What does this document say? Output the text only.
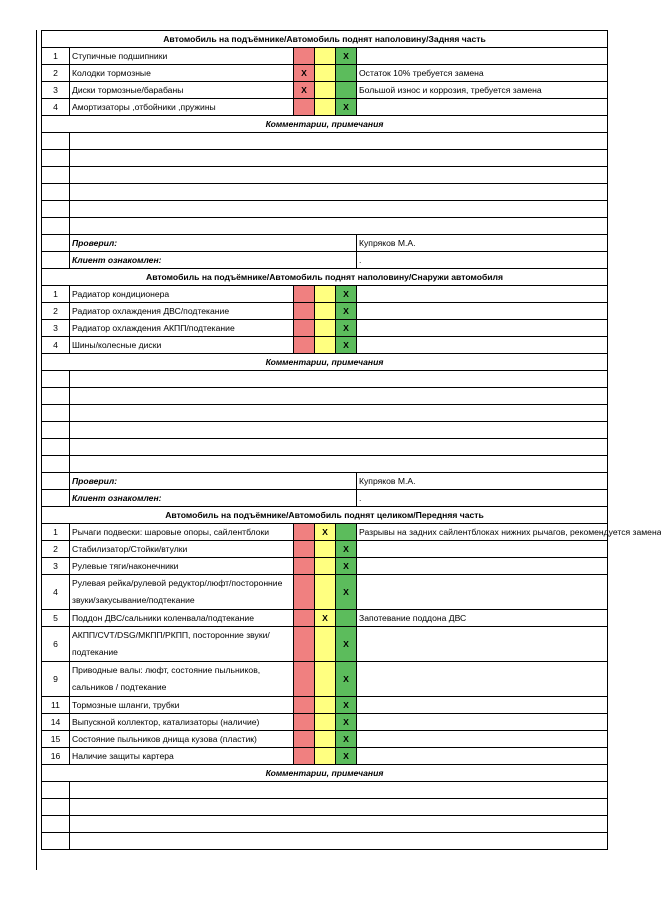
Автомобиль на подъёмнике/Автомобиль поднят наполовину/Задняя часть					
1	Ступичные подшипники			X	
2	Колодки тормозные	X			Остаток 10% требуется замена
3	Диски тормозные/барабаны	X			Большой износ и коррозия, требуется замена
4	Амортизаторы ,отбойники ,пружины			X	
Комментарии, примечания					

	Проверил:				Купряков М.А.
	Клиент ознакомлен:				.
Автомобиль на подъёмнике/Автомобиль поднят наполовину/Снаружи автомобиля					
1	Радиатор кондиционера			X	
2	Радиатор охлаждения ДВС/подтекание			X	
3	Радиатор охлаждения АКПП/подтекание			X	
4	Шины/колесные диски			X	
Комментарии, примечания					

	Проверил:				Купряков М.А.
	Клиент ознакомлен:				.
Автомобиль на подъёмнике/Автомобиль поднят целиком/Передняя часть					
1	Рычаги подвески: шаровые опоры, сайлентблоки		X		Разрывы на задних сайлентблоках нижних рычагов, рекомендуется замена
2	Стабилизатор/Стойки/втулки			X	
3	Рулевые тяги/наконечники			X	
4	Рулевая рейка/рулевой редуктор/люфт/посторонние звуки/закусывание/подтекание			X	
5	Поддон ДВС/сальники коленвала/подтекание		X		Запотевание поддона ДВС
6	АКПП/CVT/DSG/МКПП/РКПП, посторонние звуки/ подтекание			X	
9	Приводные валы: люфт, состояние пыльников, сальников / подтекание			X	
11	Тормозные шланги, трубки			X	
14	Выпускной коллектор, катализаторы (наличие)			X	
15	Состояние пыльников днища кузова (пластик)			X	
16	Наличие защиты картера			X	
Комментарии, примечания					
